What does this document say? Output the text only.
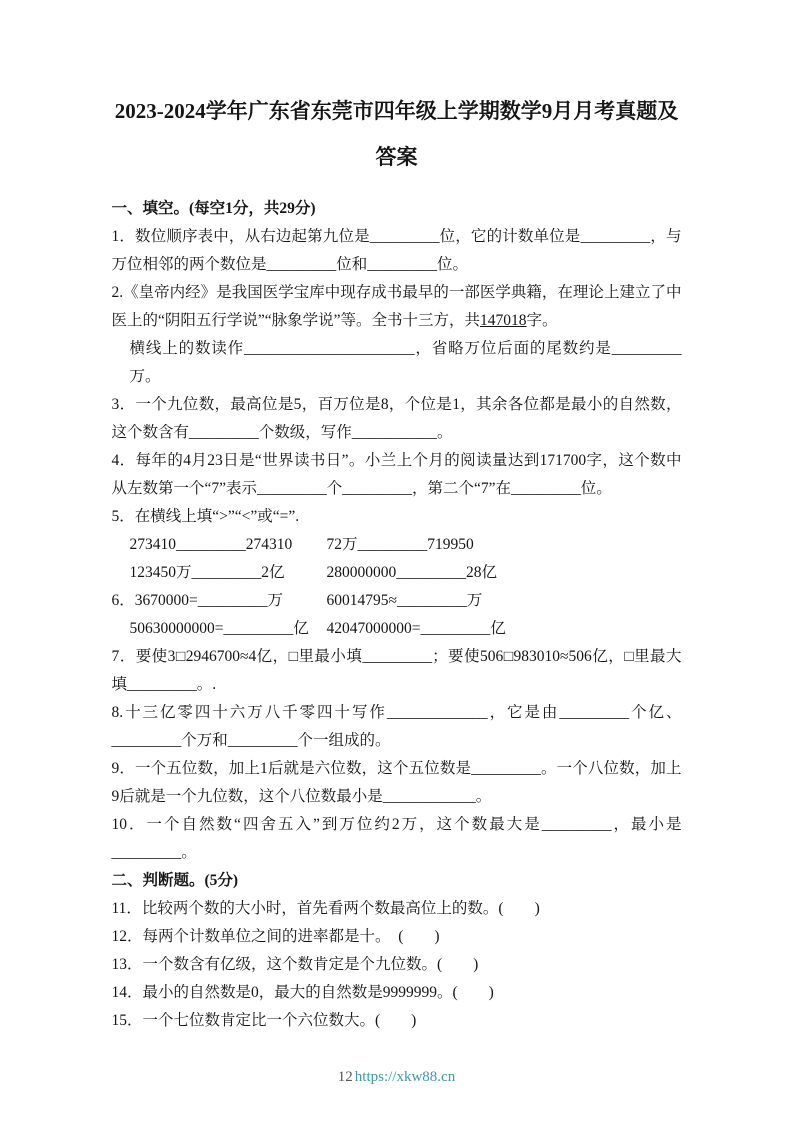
2023-2024学年广东省东莞市四年级上学期数学9月月考真题及答案

一、填空。(每空1分，共29分)

1．数位顺序表中，从右边起第九位是_________位，它的计数单位是_________，与万位相邻的两个数位是_________位和_________位。

2.《皇帝内经》是我国医学宝库中现存成书最早的一部医学典籍，在理论上建立了中医上的“阴阳五行学说”“脉象学说”等。全书十三方，共147018字。

横线上的数读作______________________，省略万位后面的尾数约是_________万。

3．一个九位数，最高位是5，百万位是8，个位是1，其余各位都是最小的自然数，这个数含有_________个数级，写作___________。

4．每年的4月23日是“世界读书日”。小兰上个月的阅读量达到171700字，这个数中从左数第一个“7”表示_________个_________，第二个“7”在_________位。

5．在横线上填“>”“<”或“=”.

273410_________274310 72万_________719950

123450万_________2亿	280000000_________28亿

6．3670000=_________万	60014795≈_________万

50630000000=_________亿 42047000000=_________亿

7．要使3□2946700≈4亿，□里最小填_________；要使506□983010≈506亿，□里最大填_________。.

8.十三亿零四十六万八千零四十写作_____________，它是由_________个亿、_________个万和_________个一组成的。

9．一个五位数，加上1后就是六位数，这个五位数是_________。一个八位数，加上9后就是一个九位数，这个八位数最小是____________。

10．一个自然数“四舍五入”到万位约2万，这个数最大是_________，最小是_________。

二、判断题。(5分)

11．比较两个数的大小时，首先看两个数最高位上的数。(　　)

12．每两个计数单位之间的进率都是十。　(　　)

13．一个数含有亿级，这个数肯定是个九位数。(　　)

14．最小的自然数是0，最大的自然数是9999999。(　　)

15．一个七位数肯定比一个六位数大。(　　)

12 https://xkw88.cn
